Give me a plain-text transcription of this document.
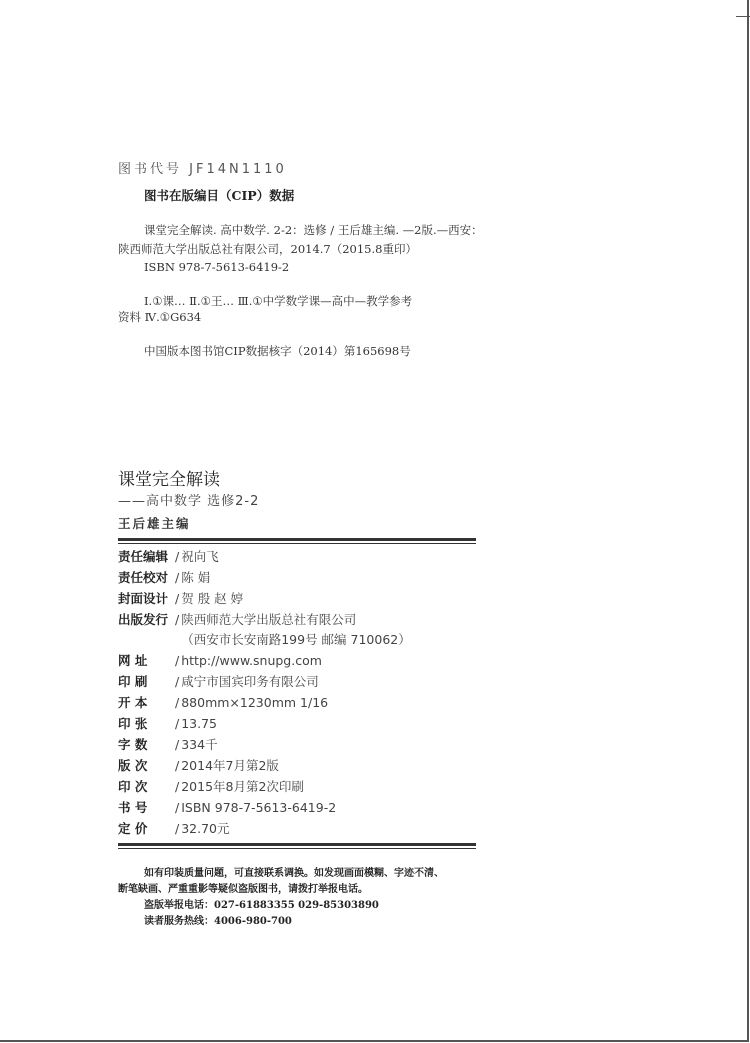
图书代号 JF14N1110
图书在版编目（CIP）数据
课堂完全解读. 高中数学. 2-2：选修 / 王后雄主编. —2版.—西安：
陕西师范大学出版总社有限公司，2014.7（2015.8重印）
ISBN 978-7-5613-6419-2
Ⅰ.①课… Ⅱ.①王… Ⅲ.①中学数学课—高中—教学参考
资料 Ⅳ.①G634
中国版本图书馆CIP数据核字（2014）第165698号
课堂完全解读
——高中数学 选修2-2
王后雄主编
责任编辑 / 祝向飞
责任校对 / 陈 娟
封面设计 / 贺 殷 赵 婷
出版发行 / 陕西师范大学出版总社有限公司
（西安市长安南路199号 邮编 710062）
网 址 / http://www.snupg.com
印 刷 / 咸宁市国宾印务有限公司
开 本 / 880mm×1230mm 1/16
印 张 / 13.75
字 数 / 334千
版 次 / 2014年7月第2版
印 次 / 2015年8月第2次印刷
书 号 / ISBN 978-7-5613-6419-2
定 价 / 32.70元
如有印装质量问题，可直接联系调换。如发现画面模糊、字迹不清、
断笔缺画、严重重影等疑似盗版图书，请拨打举报电话。
盗版举报电话：027-61883355 029-85303890
读者服务热线：4006-980-700
